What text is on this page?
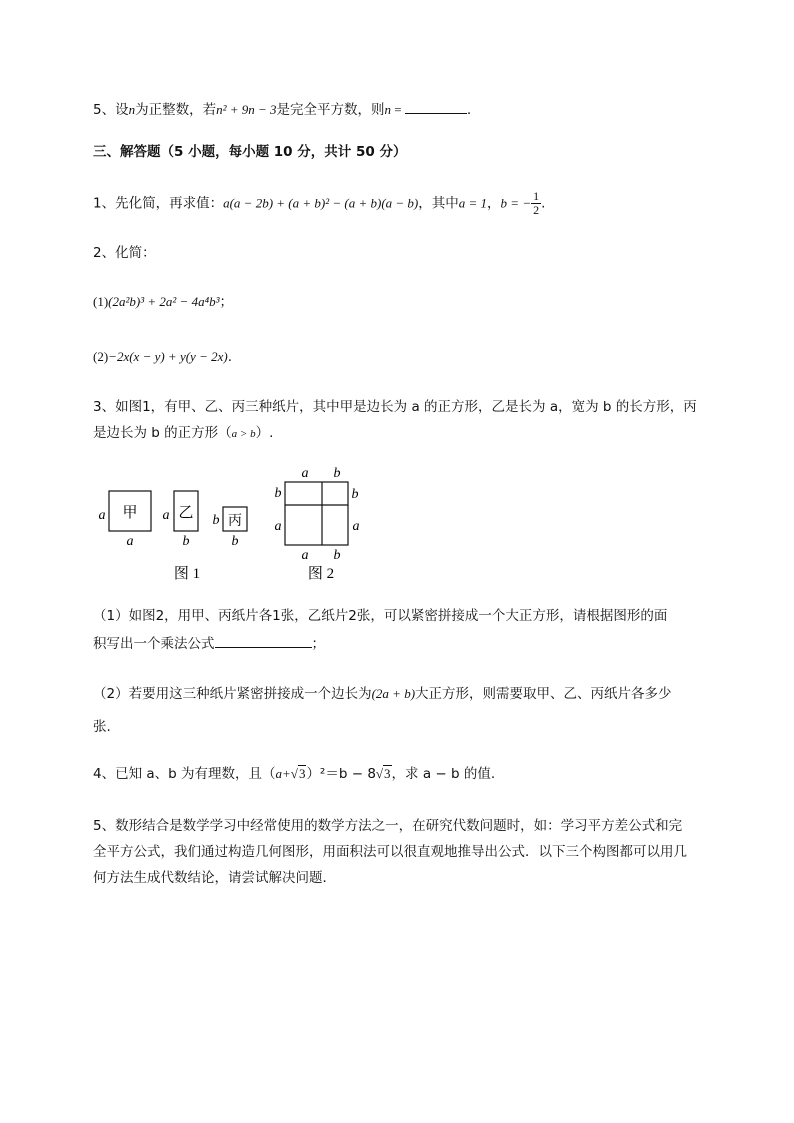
5、设n为正整数，若n² + 9n − 3是完全平方数，则n =	.
三、解答题（5 小题，每小题 10 分，共计 50 分）
1、先化简，再求值：a(a − 2b) + (a + b)² − (a + b)(a − b)，其中a = 1，b = − $\frac{1}{2}$ .
2、化简：
(1)(2a²b)³ + 2a² − 4a⁴b³；
(2)−2x(x − y) + y(y − 2x).
3、如图1，有甲、乙、丙三种纸片，其中甲是边长为 a 的正方形，乙是长为 a，宽为 b 的长方形，丙
是边长为 b 的正方形（a > b）.
甲
a
a
乙
a
b
丙
b
b
图 1
a b
b
a
b
a
a b
图 2
（1）如图2，用甲、丙纸片各1张，乙纸片2张，可以紧密拼接成一个大正方形，请根据图形的面
积写出一个乘法公式	；
（2）若要用这三种纸片紧密拼接成一个边长为(2a + b)大正方形，则需要取甲、乙、丙纸片各多少
张.
4、已知 a、b 为有理数，且（a+√3）²＝b − 8√3，求 a − b 的值.
5、数形结合是数学学习中经常使用的数学方法之一，在研究代数问题时，如：学习平方差公式和完
全平方公式，我们通过构造几何图形，用面积法可以很直观地推导出公式．以下三个构图都可以用几
何方法生成代数结论，请尝试解决问题．
